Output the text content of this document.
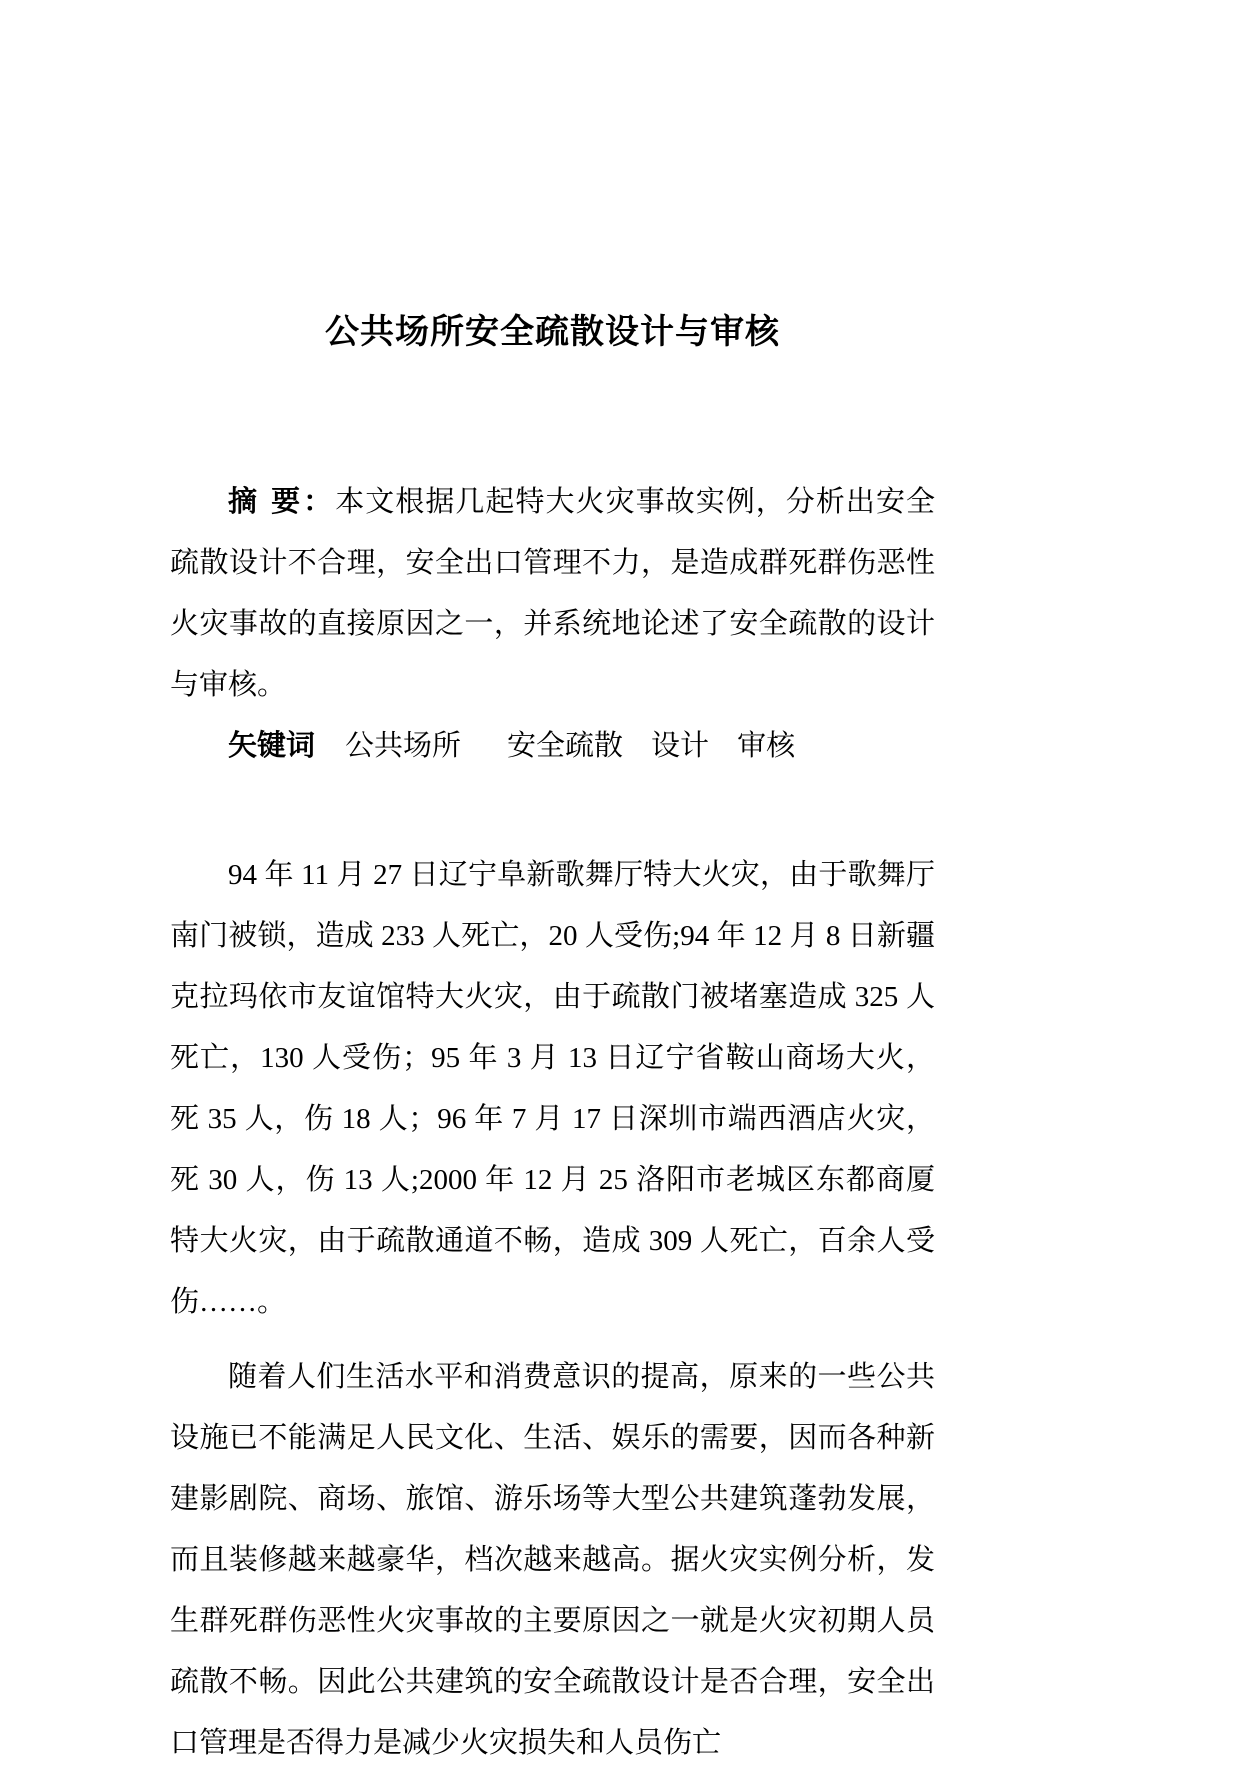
公共场所安全疏散设计与审核

摘 要：本文根据几起特大火灾事故实例，分析出安全疏散设计不合理，安全出口管理不力，是造成群死群伤恶性火灾事故的直接原因之一，并系统地论述了安全疏散的设计与审核。

矢键词 公共场所 安全疏散 设计 审核

94 年 11 月 27 日辽宁阜新歌舞厅特大火灾，由于歌舞厅南门被锁，造成 233 人死亡，20 人受伤;94 年 12 月 8 日新疆克拉玛依市友谊馆特大火灾，由于疏散门被堵塞造成 325 人死亡，130 人受伤；95 年 3 月 13 日辽宁省鞍山商场大火，死 35 人，伤 18 人；96 年 7 月 17 日深圳市端西酒店火灾，死 30 人，伤 13 人;2000 年 12 月 25 洛阳市老城区东都商厦特大火灾，由于疏散通道不畅，造成 309 人死亡，百余人受伤……。

随着人们生活水平和消费意识的提高，原来的一些公共设施已不能满足人民文化、生活、娱乐的需要，因而各种新建影剧院、商场、旅馆、游乐场等大型公共建筑蓬勃发展，而且装修越来越豪华，档次越来越高。据火灾实例分析，发生群死群伤恶性火灾事故的主要原因之一就是火灾初期人员疏散不畅。因此公共建筑的安全疏散设计是否合理，安全出口管理是否得力是减少火灾损失和人员伤亡
